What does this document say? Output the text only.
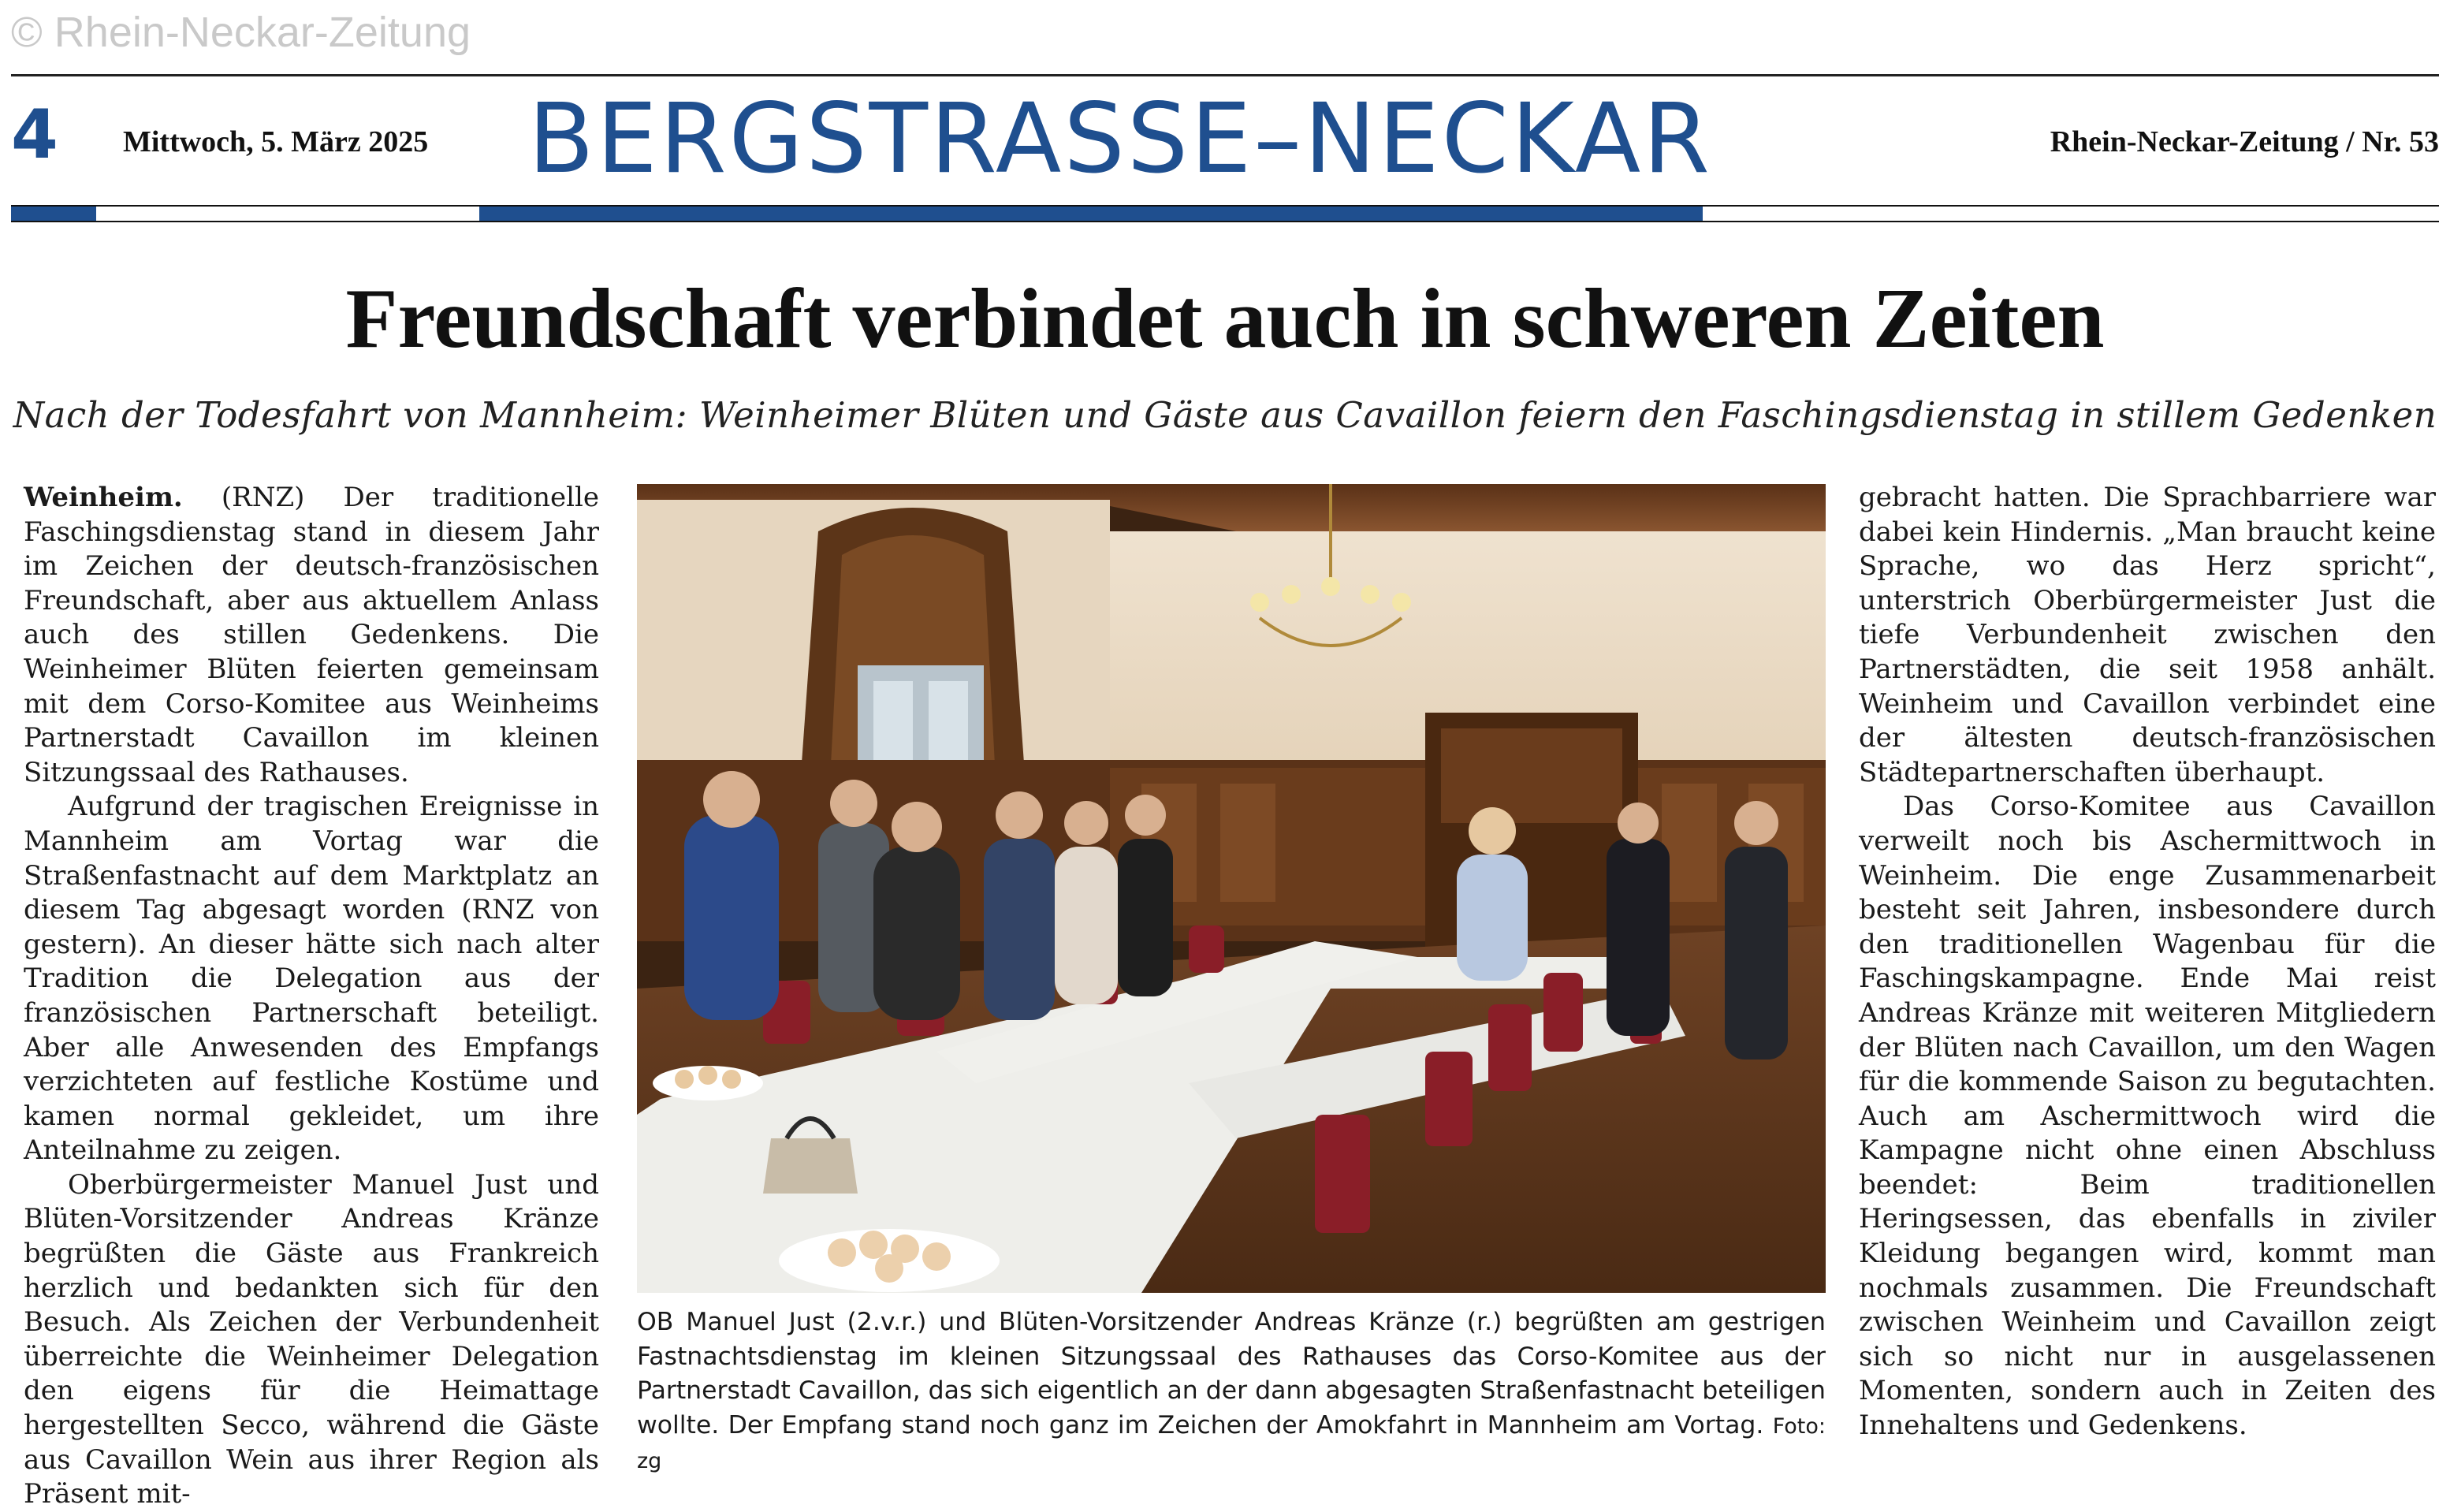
© Rhein-Neckar-Zeitung
4 Mittwoch, 5. März 2025 BERGSTRASSE–NECKAR	Rhein-Neckar-Zeitung / Nr. 53
Freundschaft verbindet auch in schweren Zeiten
Nach der Todesfahrt von Mannheim: Weinheimer Blüten und Gäste aus Cavaillon feiern den Faschingsdienstag in stillem Gedenken

Weinheim. (RNZ) Der traditionelle Faschingsdienstag stand in diesem Jahr im Zeichen der deutsch-französischen Freundschaft, aber aus aktuellem Anlass auch des stillen Gedenkens. Die Weinheimer Blüten feierten gemeinsam mit dem Corso-Komitee aus Weinheims Partnerstadt Cavaillon im kleinen Sitzungssaal des Rathauses.

Aufgrund der tragischen Ereignisse in Mannheim am Vortag war die Straßenfastnacht auf dem Marktplatz an diesem Tag abgesagt worden (RNZ von gestern). An dieser hätte sich nach alter Tradition die Delegation aus der französischen Partnerschaft beteiligt. Aber alle Anwesenden des Empfangs verzichteten auf festliche Kostüme und kamen normal gekleidet, um ihre Anteilnahme zu zeigen.

Oberbürgermeister Manuel Just und Blüten-Vorsitzender Andreas Kränze begrüßten die Gäste aus Frankreich herzlich und bedankten sich für den Besuch. Als Zeichen der Verbundenheit überreichte die Weinheimer Delegation den eigens für die Heimattage hergestellten Secco, während die Gäste aus Cavaillon Wein aus ihrer Region als Präsent mit-

OB Manuel Just (2.v.r.) und Blüten-Vorsitzender Andreas Kränze (r.) begrüßten am gestrigen Fastnachtsdienstag im kleinen Sitzungssaal des Rathauses das Corso-Komitee aus der Partnerstadt Cavaillon, das sich eigentlich an der dann abgesagten Straßenfastnacht beteiligen wollte. Der Empfang stand noch ganz im Zeichen der Amokfahrt in Mannheim am Vortag. Foto: zg

gebracht hatten. Die Sprachbarriere war dabei kein Hindernis. „Man braucht keine Sprache, wo das Herz spricht“, unterstrich Oberbürgermeister Just die tiefe Verbundenheit zwischen den Partnerstädten, die seit 1958 anhält. Weinheim und Cavaillon verbindet eine der ältesten deutsch-französischen Städtepartnerschaften überhaupt.

Das Corso-Komitee aus Cavaillon verweilt noch bis Aschermittwoch in Weinheim. Die enge Zusammenarbeit besteht seit Jahren, insbesondere durch den traditionellen Wagenbau für die Faschingskampagne. Ende Mai reist Andreas Kränze mit weiteren Mitgliedern der Blüten nach Cavaillon, um den Wagen für die kommende Saison zu begutachten. Auch am Aschermittwoch wird die Kampagne nicht ohne einen Abschluss beendet: Beim traditionellen Heringsessen, das ebenfalls in ziviler Kleidung begangen wird, kommt man nochmals zusammen. Die Freundschaft zwischen Weinheim und Cavaillon zeigt sich so nicht nur in ausgelassenen Momenten, sondern auch in Zeiten des Innehaltens und Gedenkens.
